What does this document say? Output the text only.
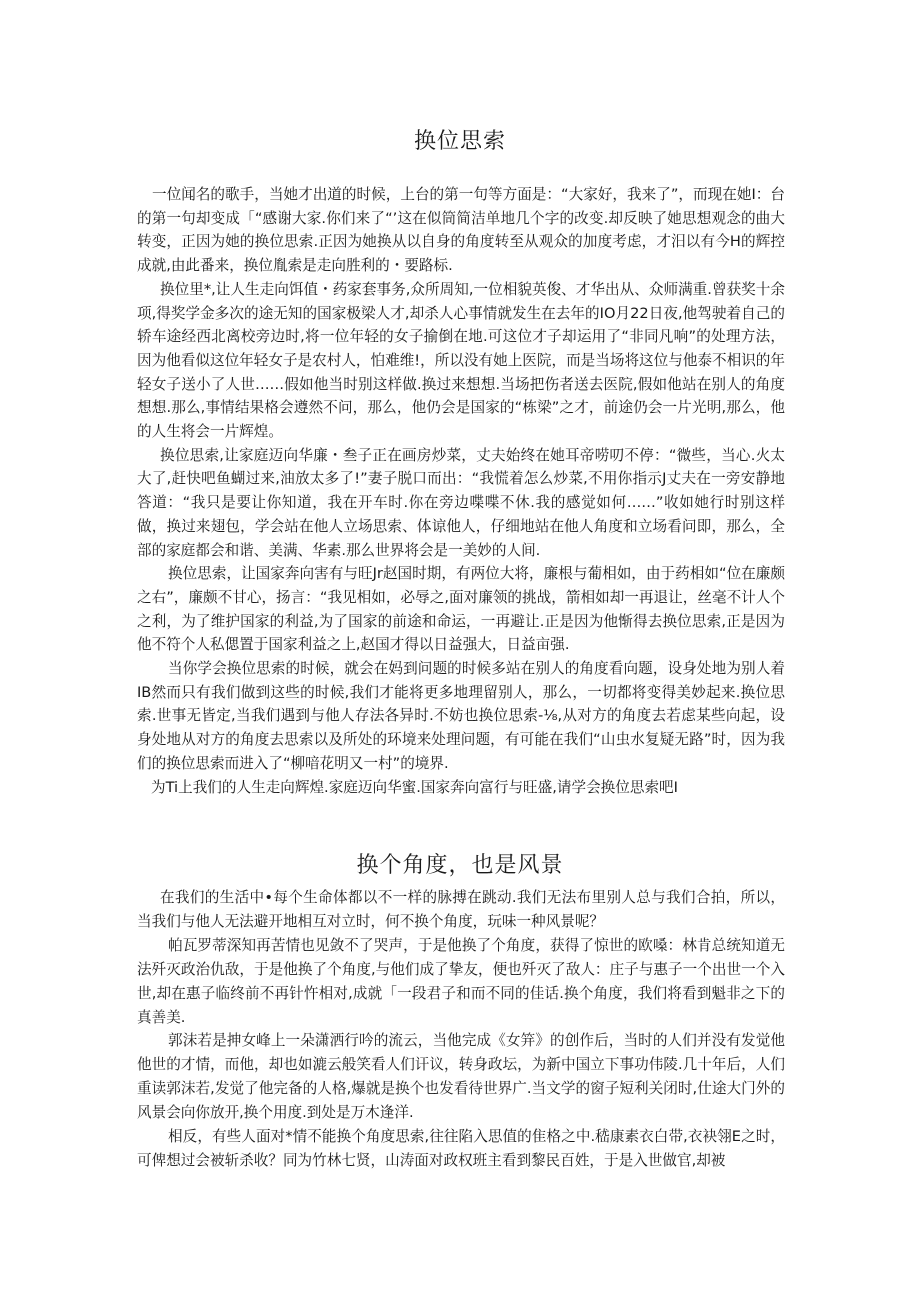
换位思索

一位闻名的歌手，当她才出道的时候，上台的第一句等方面是：“大家好，我来了”，而现在她I：台的第一句却变成「“感谢大家.你们来了“’这在似筒简洁单地几个字的改变.却反映了她思想观念的曲大转变，正因为她的换位思索.正因为她换从以自身的角度转至从观众的加度考虑，才汨以有今H的辉控成就,由此番来，换位胤索是走向胜利的・要路标.

换位里*,让人生走向饵值・药家套事务,众所周知,一位相貌英俊、才华出从、众师满重.曾获奖十余项,得奖学金多次的途无知的国家极梁人才,却杀人心事情就发生在去年的IO月22日夜,他驾驶着自己的轿车途经西北离校旁边时,将一位年轻的女子揄倒在地.可这位才子却运用了“非同凡响”的处理方法，因为他看似这位年轻女子是农村人，怕难维!，所以没有她上医院，而是当场将这位与他泰不相识的年轻女子送小了人世……假如他当时别这样做.换过来想想.当场把伤者送去医院,假如他站在别人的角度想想.那么,事情结果格会遵然不问，那么，他仍会是国家的“栋梁”之才，前途仍会一片光明,那么，他的人生将会一片辉煌。

换位思索,让家庭迈向华廉・叁子正在画房炒菜，丈夫始终在她耳帝唠叨不停：“微些，当心.火太大了,赶快吧鱼蝴过来,油放太多了!”妻子脱口而出：“我慌着怎么炒菜,不用你指示J丈夫在一旁安静地答道：“我只是要让你知道，我在开车时.你在旁边喋喋不休.我的感觉如何……”收如她行时别这样做，换过来翅包，学会站在他人立场思索、体谅他人，仔细地站在他人角度和立场看问即，那么，全部的家庭都会和谐、美满、华素.那么世界将会是一美妙的人间.

换位思索，让国家奔向害有与旺Jr赵国时期，有两位大将，廉根与葡相如，由于药相如“位在廉颇之右”，廉颇不甘心，扬言：“我见相如，必辱之,面对廉领的挑战，箭相如却一再退让，丝毫不计人个之利，为了维护国家的利益,为了国家的前途和命运，一再避让.正是因为他惭得去换位思索,正是因为他不符个人私偲置于国家利益之上,赵国才得以日益强大，日益亩强.

当你学会换位思索的时候，就会在妈到问题的时候多站在别人的角度看向题，设身处地为别人着IB然而只有我们做到这些的时候,我们才能将更多地理留别人，那么，一切都将变得美妙起来.换位思索.世事无皆定,当我们遇到与他人存法各异时.不妨也换位思索-⅛,从对方的角度去若虑某些向起，设身处地从对方的角度去思索以及所处的环境来处理问题，有可能在我们“山虫水复疑无路”时，因为我们的换位思索而进入了“柳喑花明又一村”的境界.

为Ti上我们的人生走向辉煌.家庭迈向华蜜.国家奔向富行与旺盛,请学会换位思索吧I

换个角度，也是风景

在我们的生活中•每个生命体都以不一样的脉搏在跳动.我们无法布里别人总与我们合拍，所以，当我们与他人无法避开地相互对立时，何不换个角度，玩味一种风景呢？

帕瓦罗蒂深知再苦情也见敛不了哭声，于是他换了个角度，获得了惊世的欧嗓：林肯总统知道无法歼灭政治仇敌，于是他换了个角度,与他们成了挚友，便也歼灭了敌人：庄子与惠子一个出世一个入世,却在惠子临终前不再针忤相对,成就「一段君子和而不同的佳话.换个角度，我们将看到魁非之下的真善美.

郭沫若是抻女峰上一朵潇洒行吟的流云，当他完成《女笄》的创作后，当时的人们并没有发觉他他世的才情，而他，却也如漉云般笑看人们讦议，转身政坛，为新中国立下事功伟陵.几十年后，人们重读郭沫若,发觉了他完备的人格,爆就是换个也发看待世界广.当文学的窗子短利关闭时,仕途大门外的风景会向你放开,换个用度.到处是万木逢洋.

相反，有些人面对*情不能换个角度思索,往往陷入思值的隹格之中.嵇康素衣白带,衣袂翎E之时，可俾想过会被斩杀收？同为竹林七贤，山涛面对政权班主看到黎民百姓，于是入世做官,却被
